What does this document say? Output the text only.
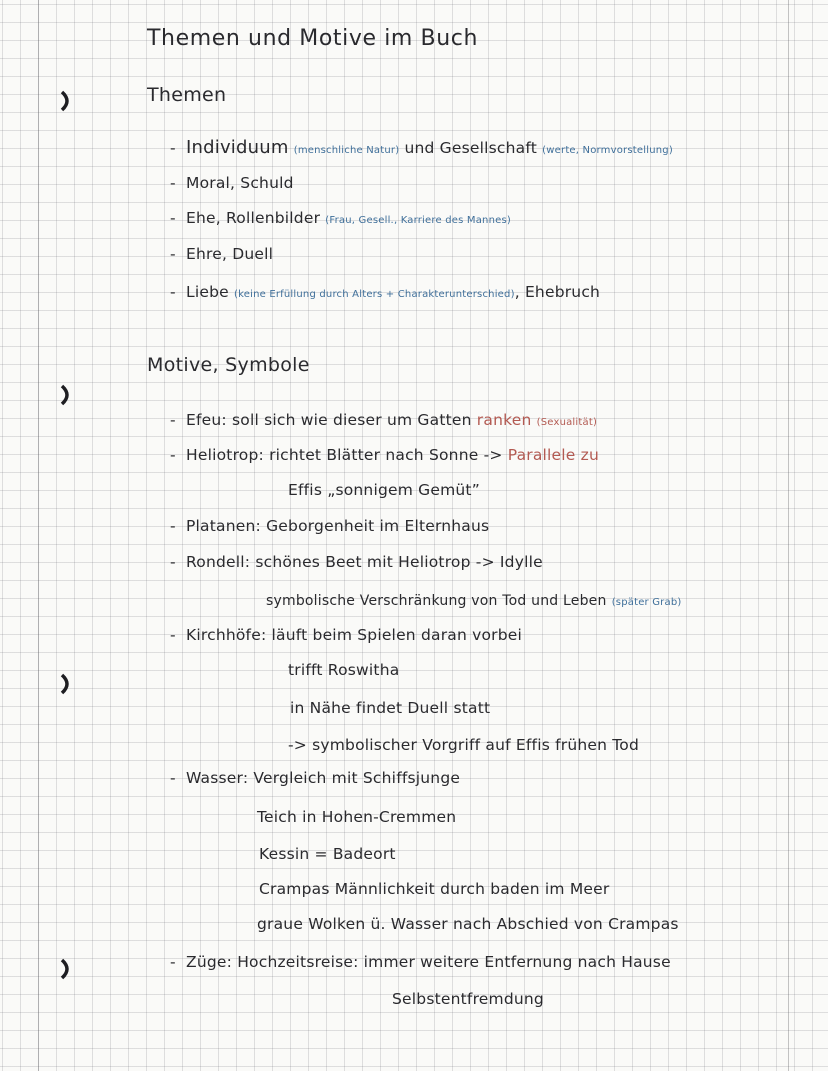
Themen und Motive im Buch
Themen
- Individuum (menschliche Natur) und Gesellschaft (werte, Normvorstellung)
- Moral, Schuld
- Ehe, Rollenbilder (Frau, Gesell., Karriere des Mannes)
- Ehre, Duell
- Liebe (keine Erfüllung durch Alters + Charakterunterschied), Ehebruch
Motive, Symbole
- Efeu: soll sich wie dieser um Gatten ranken (Sexualität)
- Heliotrop: richtet Blätter nach Sonne -> Parallele zu
Effis „sonnigem Gemüt”
- Platanen: Geborgenheit im Elternhaus
- Rondell: schönes Beet mit Heliotrop -> Idylle
symbolische Verschränkung von Tod und Leben (später Grab)
- Kirchhöfe: läuft beim Spielen daran vorbei
trifft Roswitha
in Nähe findet Duell statt
-> symbolischer Vorgriff auf Effis frühen Tod
- Wasser: Vergleich mit Schiffsjunge
Teich in Hohen-Cremmen
Kessin = Badeort
Crampas Männlichkeit durch baden im Meer
graue Wolken ü. Wasser nach Abschied von Crampas
- Züge: Hochzeitsreise: immer weitere Entfernung nach Hause
Selbstentfremdung
